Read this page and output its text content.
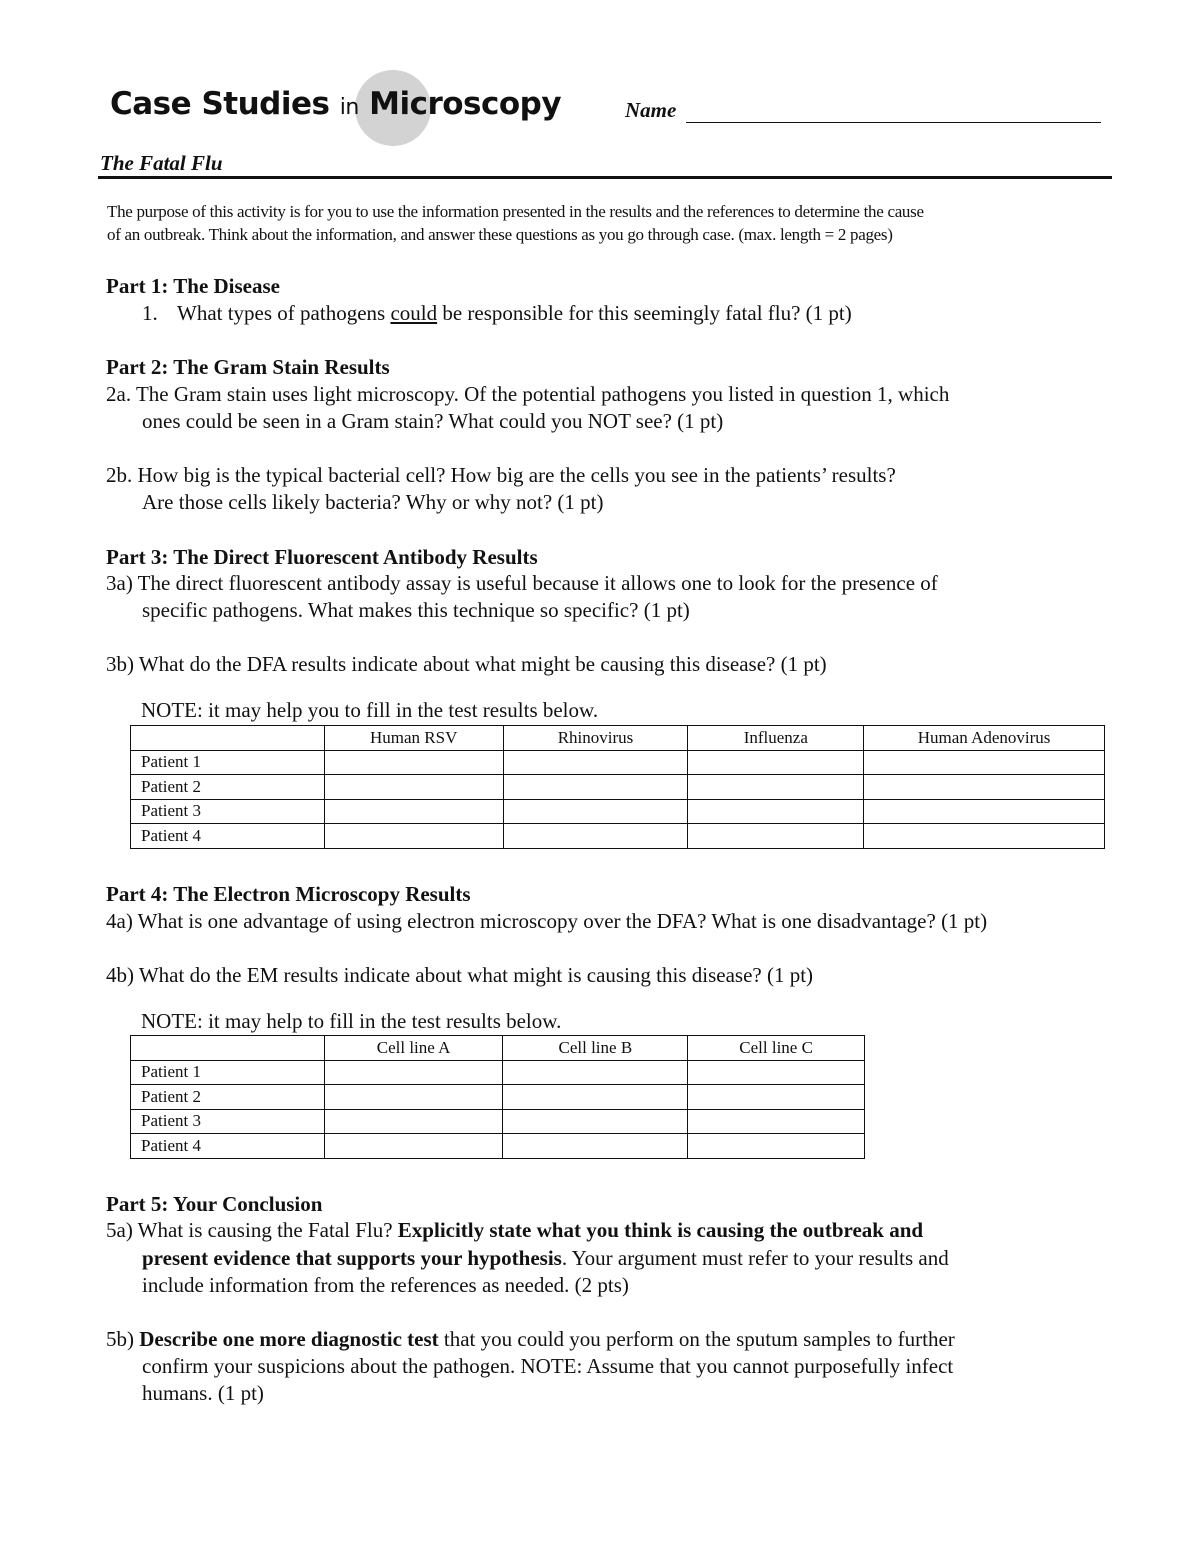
Case Studies in Microscopy	Name
The Fatal Flu
The purpose of this activity is for you to use the information presented in the results and the references to determine the cause
of an outbreak. Think about the information, and answer these questions as you go through case. (max. length = 2 pages)
Part 1: The Disease
1. What types of pathogens could be responsible for this seemingly fatal flu? (1 pt)
Part 2: The Gram Stain Results
2a. The Gram stain uses light microscopy. Of the potential pathogens you listed in question 1, which
ones could be seen in a Gram stain? What could you NOT see? (1 pt)
2b. How big is the typical bacterial cell? How big are the cells you see in the patients’ results?
Are those cells likely bacteria? Why or why not? (1 pt)
Part 3: The Direct Fluorescent Antibody Results
3a) The direct fluorescent antibody assay is useful because it allows one to look for the presence of
specific pathogens. What makes this technique so specific? (1 pt)
3b) What do the DFA results indicate about what might be causing this disease? (1 pt)
NOTE: it may help you to fill in the test results below.
	Human RSV	Rhinovirus	Influenza	Human Adenovirus
Patient 1				
Patient 2				
Patient 3				
Patient 4				
Part 4: The Electron Microscopy Results
4a) What is one advantage of using electron microscopy over the DFA? What is one disadvantage? (1 pt)
4b) What do the EM results indicate about what might is causing this disease? (1 pt)
NOTE: it may help to fill in the test results below.
	Cell line A	Cell line B	Cell line C
Patient 1			
Patient 2			
Patient 3			
Patient 4			
Part 5: Your Conclusion
5a) What is causing the Fatal Flu? Explicitly state what you think is causing the outbreak and
present evidence that supports your hypothesis. Your argument must refer to your results and
include information from the references as needed. (2 pts)
5b) Describe one more diagnostic test that you could you perform on the sputum samples to further
confirm your suspicions about the pathogen. NOTE: Assume that you cannot purposefully infect
humans. (1 pt)
